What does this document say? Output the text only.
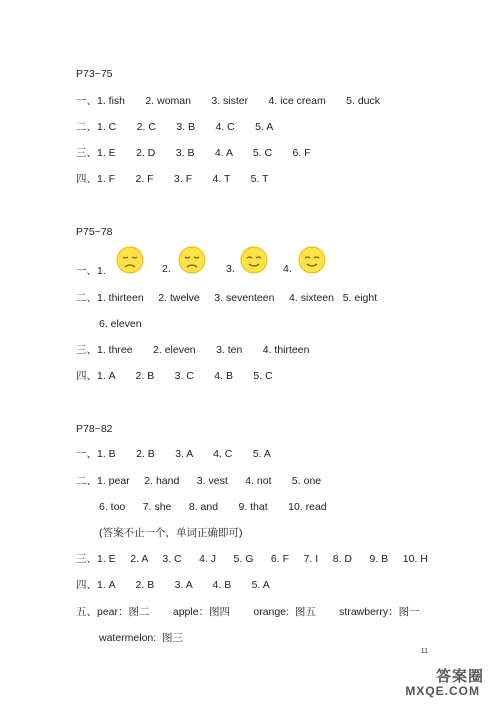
P73~75
一、1. fish       2. woman       3. sister       4. ice cream       5. duck
二、1. C       2. C       3. B       4. C       5. A
三、1. E       2. D       3. B       4. A       5. C       6. F
四、1. F       2. F       3. F       4. T       5. T
P75~78
一、1.	2.	3.	4.
二、1. thirteen     2. twelve     3. seventeen     4. sixteen   5. eight
6. eleven
三、1. three       2. eleven       3. ten       4. thirteen
四、1. A       2. B       3. C       4. B       5. C
P78~82
一、1. B       2. B       3. A       4. C       5. A
二、1. pear     2. hand      3. vest      4. not       5. one
6. too      7. she      8. and       9. that       10. read
(答案不止一个，单词正确即可)
三、1. E     2. A     3. C      4. J      5. G      6. F     7. I     8. D      9. B     10. H
四、1. A       2. B       3. A       4. B       5. A
五、pear：图二        apple：图四        orange:  图五        strawberry：图一
watermelon:  图三
11
答案圈
MXQE.COM
